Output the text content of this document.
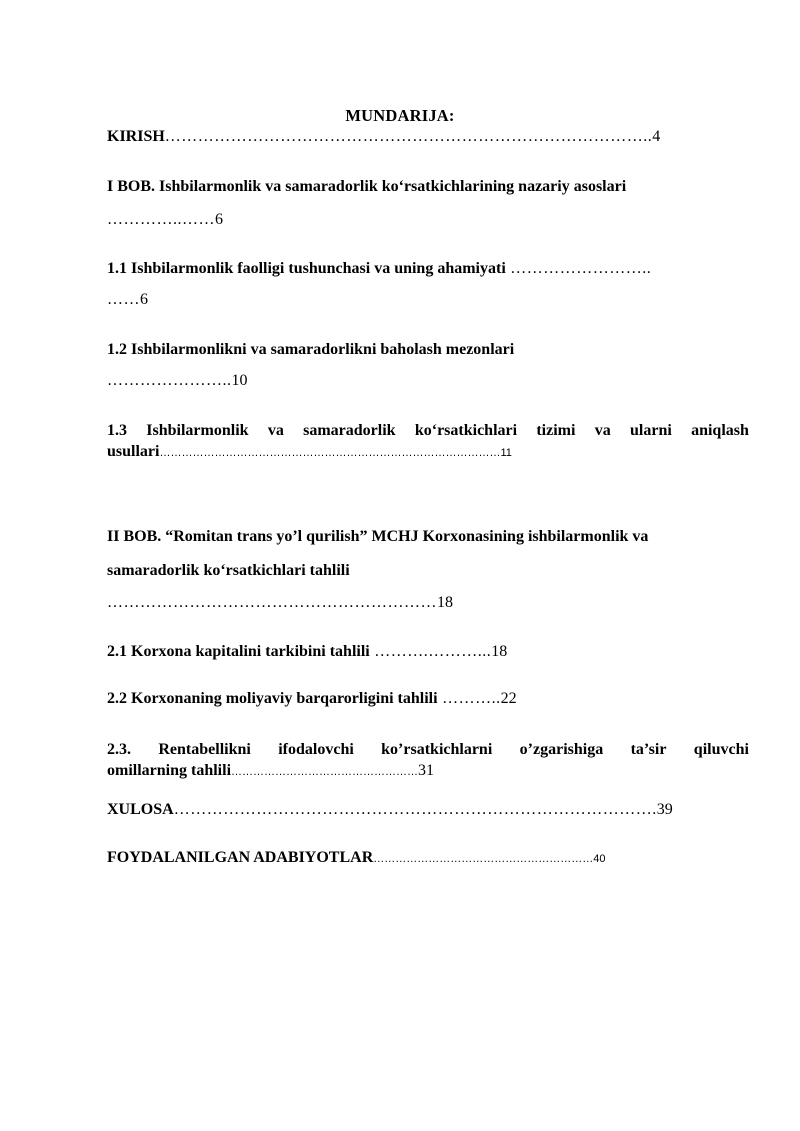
MUNDARIJA:
KIRISH……………………………………………………………………………..4
I BOB. Ishbilarmonlik va samaradorlik koʻrsatkichlarining nazariy asoslari
…………..……6
1.1 Ishbilarmonlik faolligi tushunchasi va uning ahamiyati ……………………..
……6
1.2 Ishbilarmonlikni va samaradorlikni baholash mezonlari
…………………..10
1.3 Ishbilarmonlik va samaradorlik koʻrsatkichlari tizimi va ularni aniqlash
usullari…………………………………………………………………………………11
II BOB. “Romitan trans yo’l qurilish” MCHJ Korxonasining ishbilarmonlik va
samaradorlik koʻrsatkichlari tahlili
……………………………………………………18
2.1 Korxona kapitalini tarkibini tahlili ……….………...18
2.2 Korxonaning moliyaviy barqarorligini tahlili ………..22
2.3. Rentabellikni ifodalovchi ko’rsatkichlarni o’zgarishiga ta’sir qiluvchi
omillarning tahlili……………………………………………31
XULOSA…………………………………………………………………………….39
FOYDALANILGAN ADABIYOTLAR……………………………………………………40
